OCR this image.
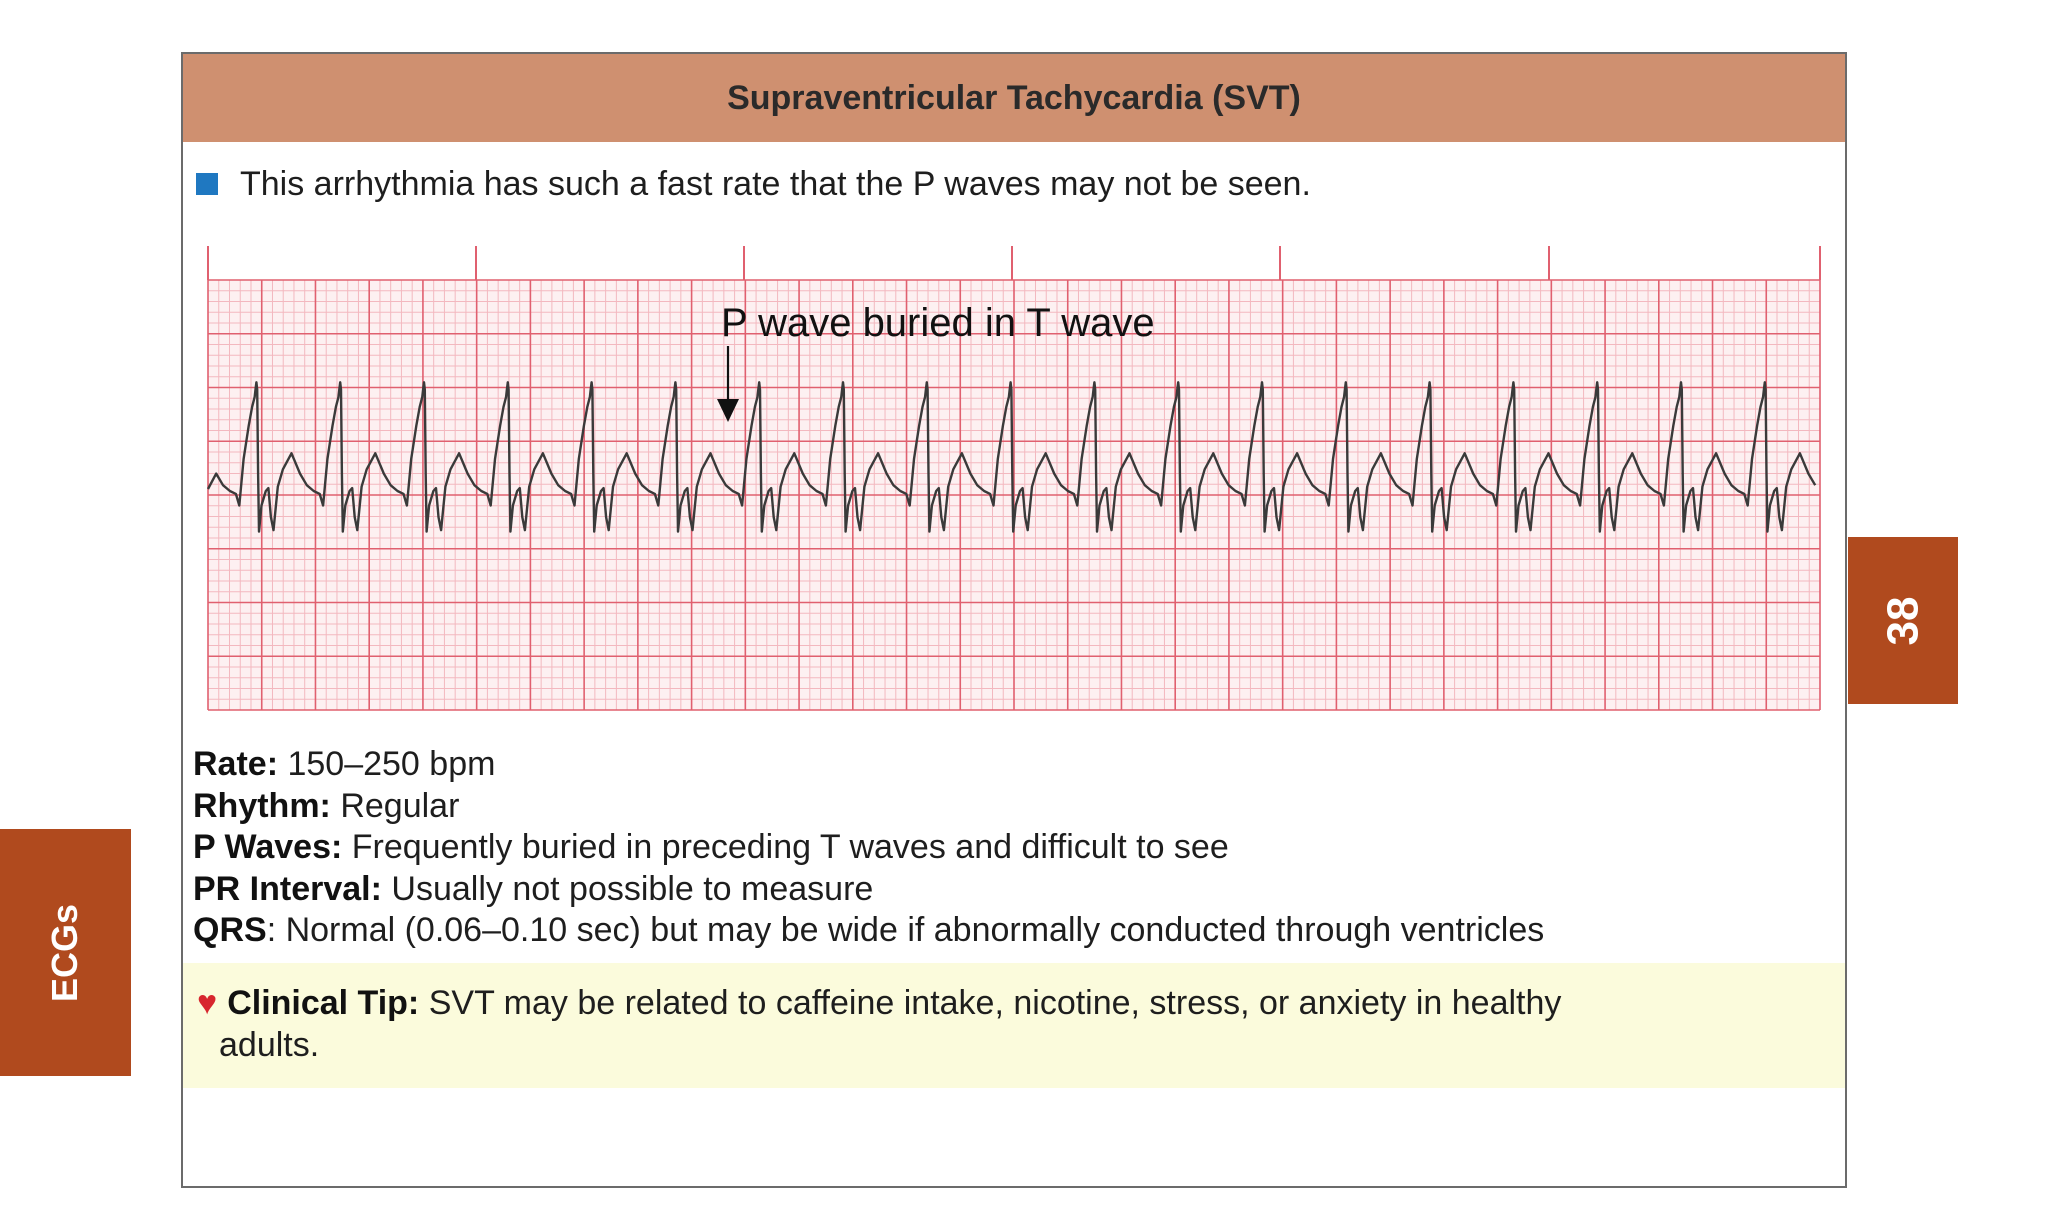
Supraventricular Tachycardia (SVT)
This arrhythmia has such a fast rate that the P waves may not be seen.
P wave buried in T wave
Rate: 150–250 bpm
Rhythm: Regular
P Waves: Frequently buried in preceding T waves and difficult to see
PR Interval: Usually not possible to measure
QRS: Normal (0.06–0.10 sec) but may be wide if abnormally conducted through ventricles
♥ Clinical Tip: SVT may be related to caffeine intake, nicotine, stress, or anxiety in healthy
adults.
38
ECGs
